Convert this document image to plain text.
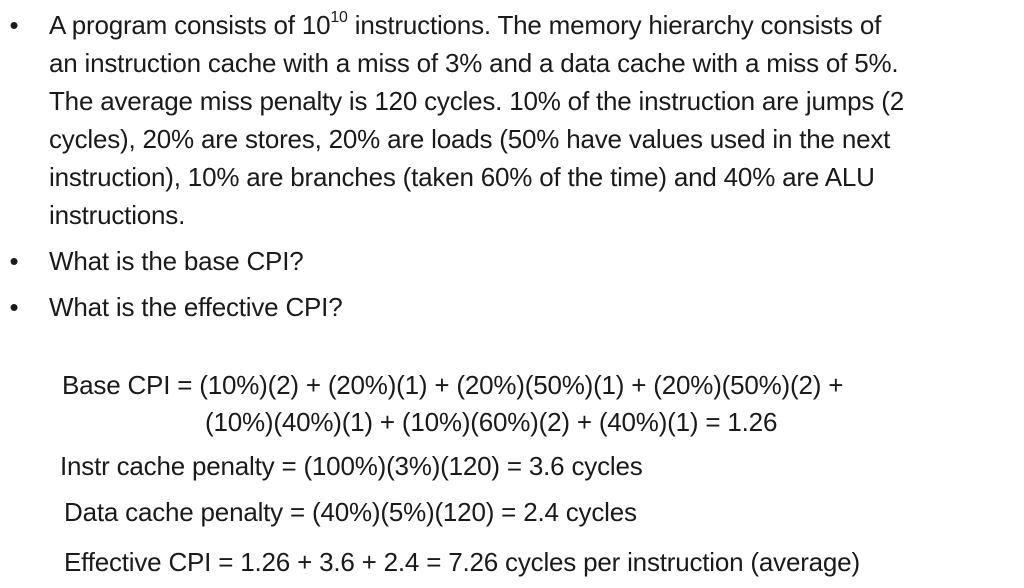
• A program consists of $10^{10}$ instructions. The memory hierarchy consists of
an instruction cache with a miss of 3% and a data cache with a miss of 5%.
The average miss penalty is 120 cycles. 10% of the instruction are jumps (2
cycles), 20% are stores, 20% are loads (50% have values used in the next
instruction), 10% are branches (taken 60% of the time) and 40% are ALU
instructions.
• What is the base CPI?
• What is the effective CPI?
Base CPI = (10%)(2) + (20%)(1) + (20%)(50%)(1) + (20%)(50%)(2) +
(10%)(40%)(1) + (10%)(60%)(2) + (40%)(1) = 1.26
Instr cache penalty = (100%)(3%)(120) = 3.6 cycles
Data cache penalty = (40%)(5%)(120) = 2.4 cycles
Effective CPI = 1.26 + 3.6 + 2.4 = 7.26 cycles per instruction (average)
